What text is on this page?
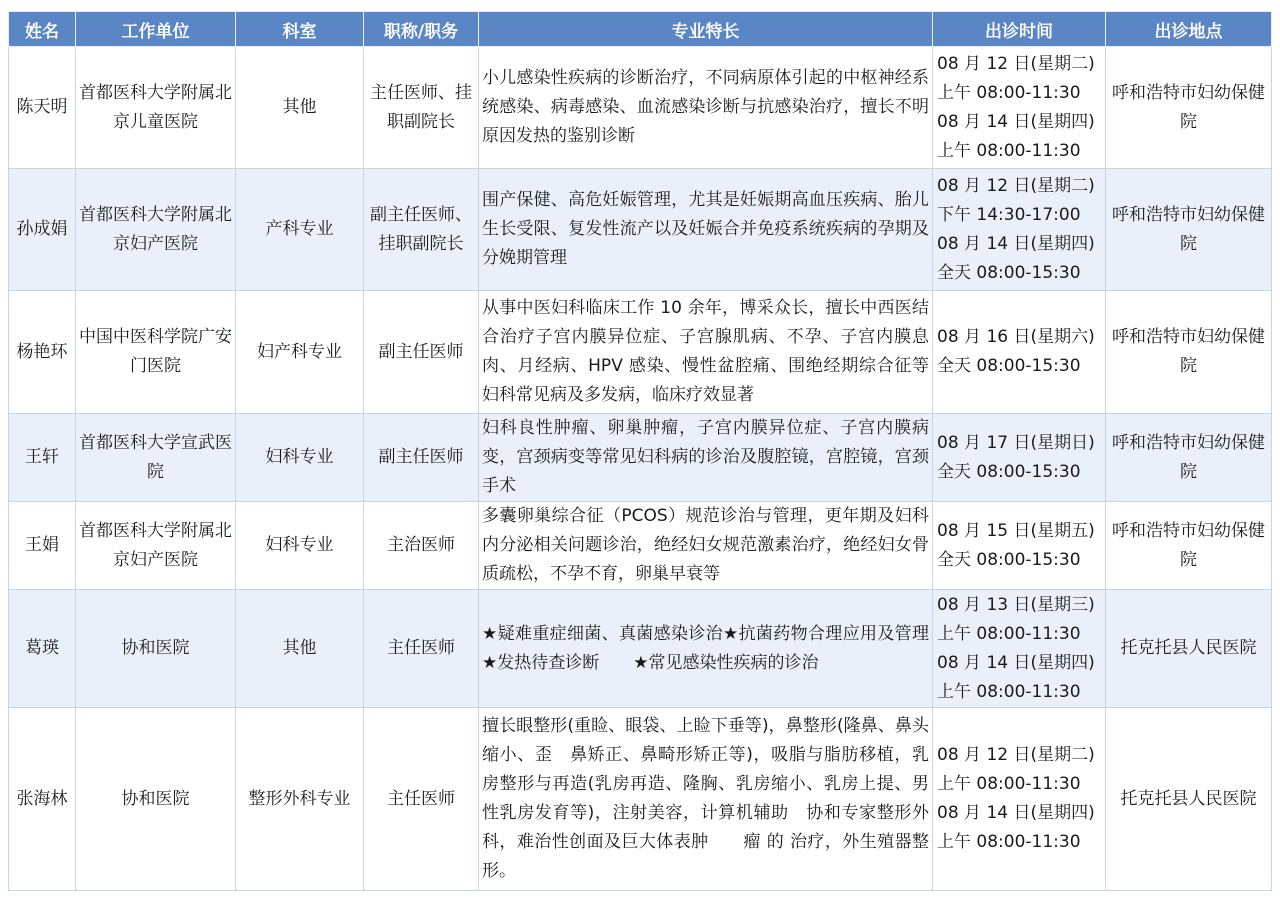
姓名	工作单位	科室	职称/职务	专业特长	出诊时间	出诊地点
陈天明	首都医科大学附属北京儿童医院	其他	主任医师、挂职副院长	小儿感染性疾病的诊断治疗，不同病原体引起的中枢神经系统感染、病毒感染、血流感染诊断与抗感染治疗，擅长不明原因发热的鉴别诊断	08 月 12 日(星期二)
上午 08:00-11:30
08 月 14 日(星期四)
上午 08:00-11:30	呼和浩特市妇幼保健院
孙成娟	首都医科大学附属北京妇产医院	产科专业	副主任医师、挂职副院长	围产保健、高危妊娠管理，尤其是妊娠期高血压疾病、胎儿生长受限、复发性流产以及妊娠合并免疫系统疾病的孕期及分娩期管理	08 月 12 日(星期二)
下午 14:30-17:00
08 月 14 日(星期四)
全天 08:00-15:30	呼和浩特市妇幼保健院
杨艳环	中国中医科学院广安门医院	妇产科专业	副主任医师	从事中医妇科临床工作 10 余年，博采众长，擅长中西医结合治疗子宫内膜异位症、子宫腺肌病、不孕、子宫内膜息肉、月经病、HPV 感染、慢性盆腔痛、围绝经期综合征等妇科常见病及多发病，临床疗效显著	08 月 16 日(星期六)
全天 08:00-15:30	呼和浩特市妇幼保健院
王轩	首都医科大学宣武医院	妇科专业	副主任医师	妇科良性肿瘤、卵巢肿瘤，子宫内膜异位症、子宫内膜病变，宫颈病变等常见妇科病的诊治及腹腔镜，宫腔镜，宫颈手术	08 月 17 日(星期日)
全天 08:00-15:30	呼和浩特市妇幼保健院
王娟	首都医科大学附属北京妇产医院	妇科专业	主治医师	多囊卵巢综合征（PCOS）规范诊治与管理，更年期及妇科内分泌相关问题诊治，绝经妇女规范激素治疗，绝经妇女骨质疏松，不孕不育，卵巢早衰等	08 月 15 日(星期五)
全天 08:00-15:30	呼和浩特市妇幼保健院
葛瑛	协和医院	其他	主任医师	★疑难重症细菌、真菌感染诊治★抗菌药物合理应用及管理★发热待查诊断　　★常见感染性疾病的诊治	08 月 13 日(星期三)
上午 08:00-11:30
08 月 14 日(星期四)
上午 08:00-11:30	托克托县人民医院
张海林	协和医院	整形外科专业	主任医师	擅长眼整形(重睑、眼袋、上睑下垂等)，鼻整形(隆鼻、鼻头缩小、歪　鼻矫正、鼻畸形矫正等)，吸脂与脂肪移植，乳房整形与再造(乳房再造、隆胸、乳房缩小、乳房上提、男性乳房发育等)，注射美容，计算机辅助　协和专家整形外科，难治性创面及巨大体表肿　　瘤 的 治疗，外生殖器整形。	08 月 12 日(星期二)
上午 08:00-11:30
08 月 14 日(星期四)
上午 08:00-11:30	托克托县人民医院
